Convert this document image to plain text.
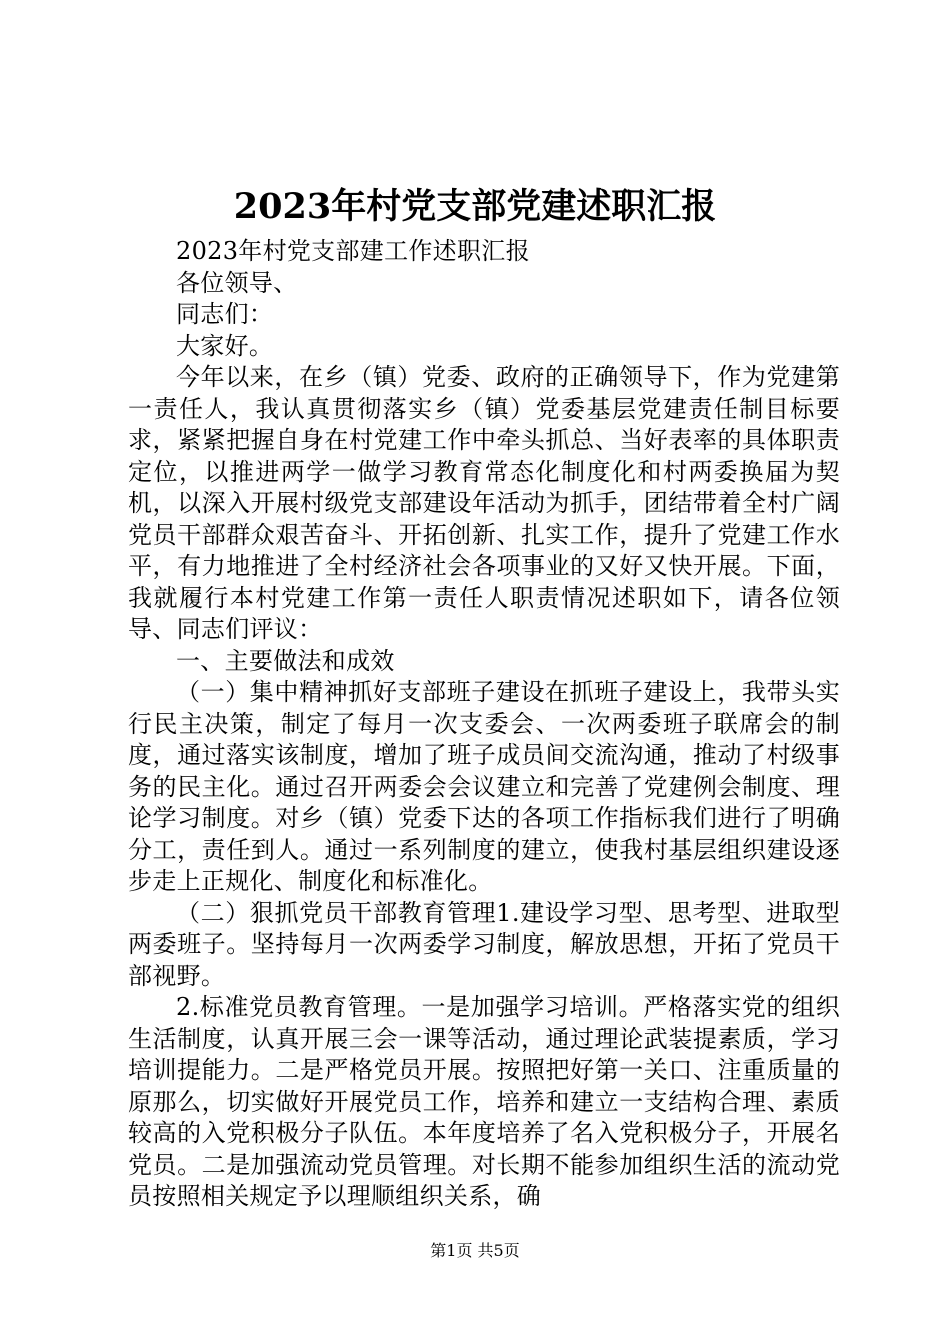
2023年村党支部党建述职汇报

2023年村党支部建工作述职汇报

各位领导、

同志们：

大家好。

今年以来，在乡（镇）党委、政府的正确领导下，作为党建第一责任人，我认真贯彻落实乡（镇）党委基层党建责任制目标要求，紧紧把握自身在村党建工作中牵头抓总、当好表率的具体职责定位，以推进两学一做学习教育常态化制度化和村两委换届为契机，以深入开展村级党支部建设年活动为抓手，团结带着全村广阔党员干部群众艰苦奋斗、开拓创新、扎实工作，提升了党建工作水平，有力地推进了全村经济社会各项事业的又好又快开展。下面，我就履行本村党建工作第一责任人职责情况述职如下，请各位领导、同志们评议：

一、主要做法和成效

（一）集中精神抓好支部班子建设在抓班子建设上，我带头实行民主决策，制定了每月一次支委会、一次两委班子联席会的制度，通过落实该制度，增加了班子成员间交流沟通，推动了村级事务的民主化。通过召开两委会会议建立和完善了党建例会制度、理论学习制度。对乡（镇）党委下达的各项工作指标我们进行了明确分工，责任到人。通过一系列制度的建立，使我村基层组织建设逐步走上正规化、制度化和标准化。

（二）狠抓党员干部教育管理1.建设学习型、思考型、进取型两委班子。坚持每月一次两委学习制度，解放思想，开拓了党员干部视野。

2.标准党员教育管理。一是加强学习培训。严格落实党的组织生活制度，认真开展三会一课等活动，通过理论武装提素质，学习培训提能力。二是严格党员开展。按照把好第一关口、注重质量的原那么，切实做好开展党员工作，培养和建立一支结构合理、素质较高的入党积极分子队伍。本年度培养了名入党积极分子，开展名党员。二是加强流动党员管理。对长期不能参加组织生活的流动党员按照相关规定予以理顺组织关系，确

第1页 共5页
